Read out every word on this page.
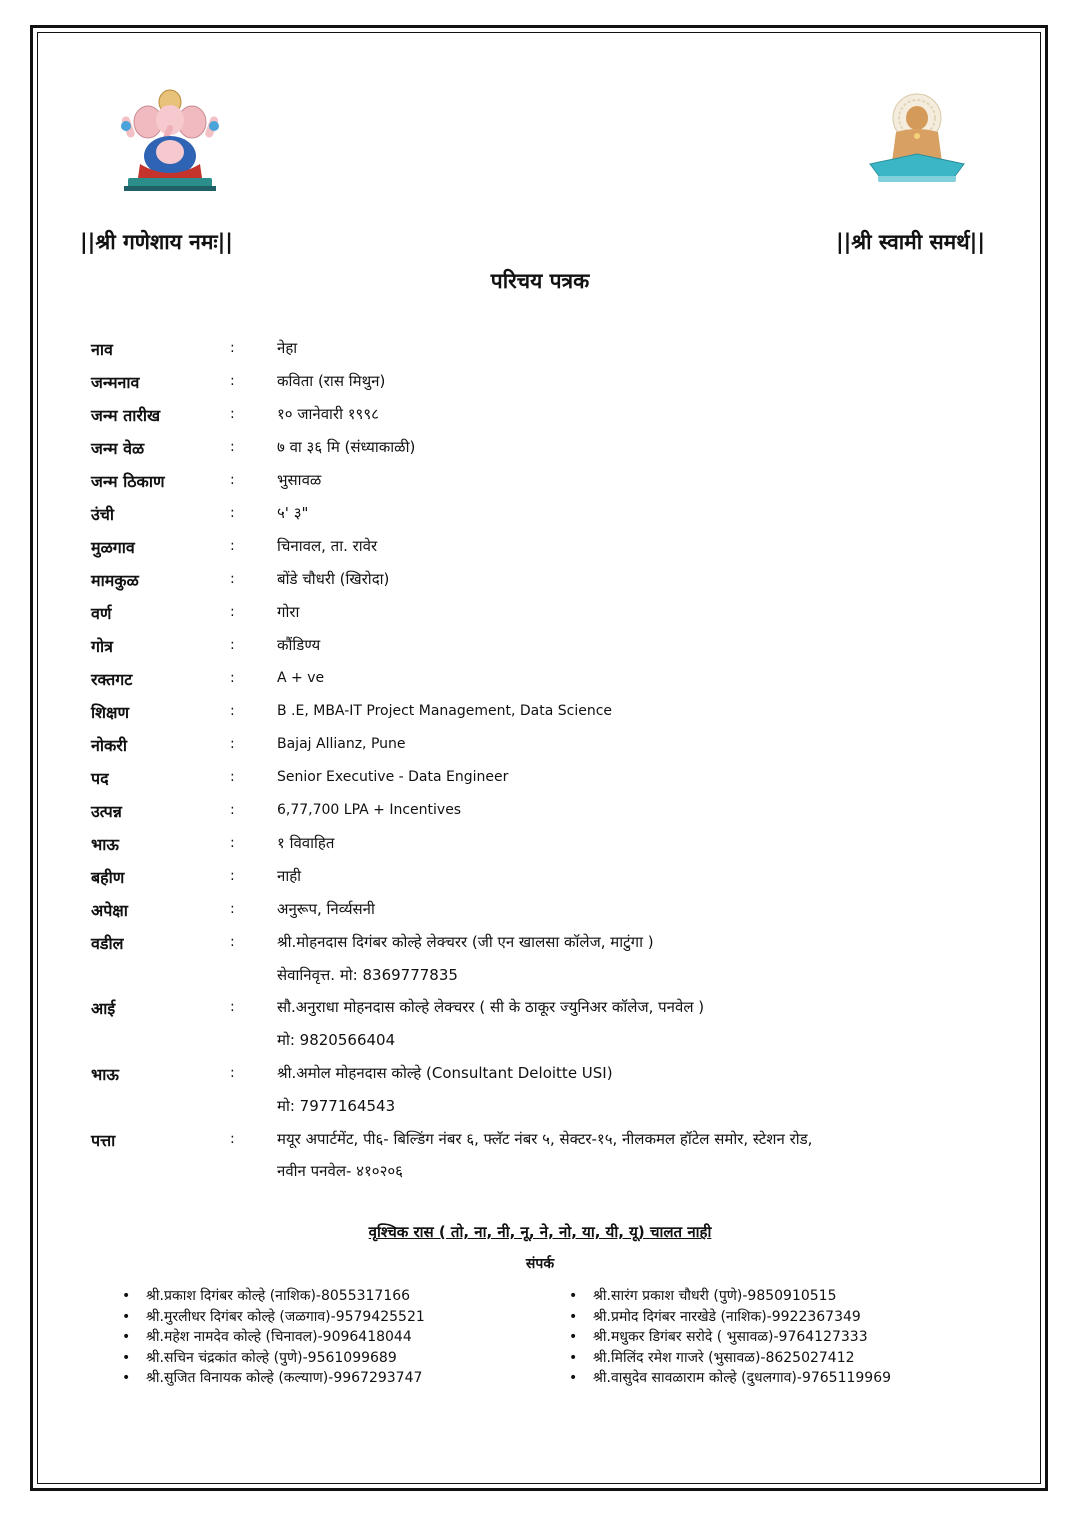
||श्री गणेशाय नमः||	||श्री स्वामी समर्थ||
परिचय पत्रक
नाव	:	नेहा
जन्मनाव	:	कविता (रास मिथुन)
जन्म तारीख	:	१० जानेवारी १९९८
जन्म वेळ	:	७ वा ३६ मि (संध्याकाळी)
जन्म ठिकाण	:	भुसावळ
उंची	:	५' ३"
मुळगाव	:	चिनावल, ता. रावेर
मामकुळ	:	बोंडे चौधरी (खिरोदा)
वर्ण	:	गोरा
गोत्र	:	कौंडिण्य
रक्तगट	:	A + ve
शिक्षण	:	B .E, MBA-IT Project Management, Data Science
नोकरी	:	Bajaj Allianz, Pune
पद	:	Senior Executive - Data Engineer
उत्पन्न	:	6,77,700 LPA + Incentives
भाऊ	:	१ विवाहित
बहीण	:	नाही
अपेक्षा	:	अनुरूप, निर्व्यसनी
वडील	:	श्री.मोहनदास दिगंबर कोल्हे लेक्चरर (जी एन खालसा कॉलेज, माटुंगा )
सेवानिवृत्त. मो: 8369777835
आई	:	सौ.अनुराधा मोहनदास कोल्हे लेक्चरर ( सी के ठाकूर ज्युनिअर कॉलेज, पनवेल )
मो: 9820566404
भाऊ	:	श्री.अमोल मोहनदास कोल्हे (Consultant Deloitte USI)
मो: 7977164543
पत्ता	:	मयूर अपार्टमेंट, पी६- बिल्डिंग नंबर ६, फ्लॅट नंबर ५, सेक्टर-१५, नीलकमल हॉटेल समोर, स्टेशन रोड,
नवीन पनवेल- ४१०२०६
वृश्चिक रास ( तो, ना, नी, नू, ने, नो, या, यी, यू) चालत नाही
संपर्क
• श्री.प्रकाश दिगंबर कोल्हे (नाशिक)-8055317166
• श्री.मुरलीधर दिगंबर कोल्हे (जळगाव)-9579425521
• श्री.महेश नामदेव कोल्हे (चिनावल)-9096418044
• श्री.सचिन चंद्रकांत कोल्हे (पुणे)-9561099689
• श्री.सुजित विनायक कोल्हे (कल्याण)-9967293747
• श्री.सारंग प्रकाश चौधरी (पुणे)-9850910515
• श्री.प्रमोद दिगंबर नारखेडे (नाशिक)-9922367349
• श्री.मधुकर डिगंबर सरोदे ( भुसावळ)-9764127333
• श्री.मिलिंद रमेश गाजरे (भुसावळ)-8625027412
• श्री.वासुदेव सावळाराम कोल्हे (दुधलगाव)-9765119969
